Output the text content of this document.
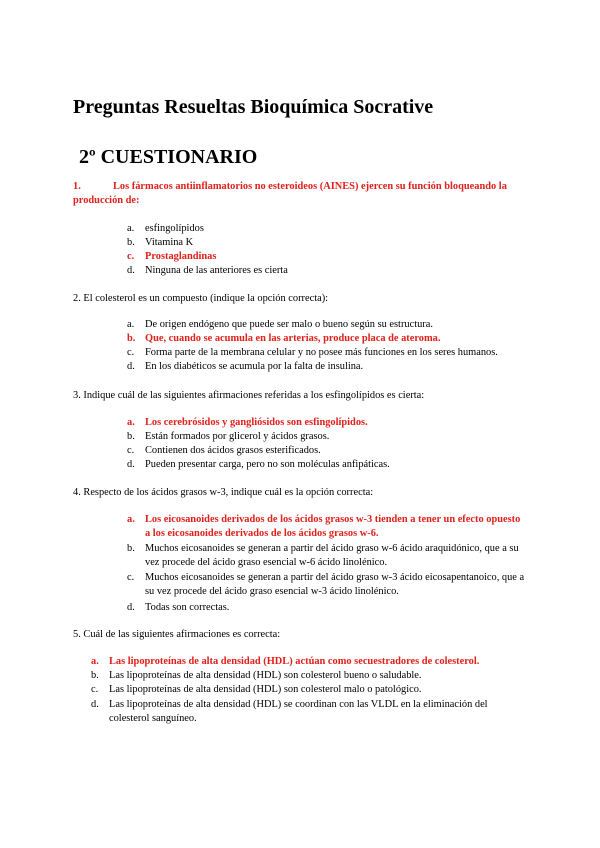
Preguntas Resueltas Bioquímica Socrative
2º CUESTIONARIO
1.	Los fármacos antiinflamatorios no esteroideos (AINES) ejercen su función bloqueando la producción de:
a. esfingolípidos
b. Vitamina K
c. Prostaglandinas
d. Ninguna de las anteriores es cierta
2. El colesterol es un compuesto (indique la opción correcta):
a. De origen endógeno que puede ser malo o bueno según su estructura.
b. Que, cuando se acumula en las arterias, produce placa de ateroma.
c. Forma parte de la membrana celular y no posee más funciones en los seres humanos.
d. En los diabéticos se acumula por la falta de insulina.
3. Indique cuál de las siguientes afirmaciones referidas a los esfingolípidos es cierta:
a. Los cerebrósidos y gangliósidos son esfingolípidos.
b. Están formados por glicerol y ácidos grasos.
c. Contienen dos ácidos grasos esterificados.
d. Pueden presentar carga, pero no son moléculas anfipáticas.
4. Respecto de los ácidos grasos w-3, indique cuál es la opción correcta:
a. Los eicosanoides derivados de los ácidos grasos w-3 tienden a tener un efecto opuesto a los eicosanoides derivados de los ácidos grasos w-6.
b. Muchos eicosanoides se generan a partir del ácido graso w-6 ácido araquidónico, que a su vez procede del ácido graso esencial w-6 ácido linolénico.
c. Muchos eicosanoides se generan a partir del ácido graso w-3 ácido eicosapentanoico, que a su vez procede del ácido graso esencial w-3 ácido linolénico.
d. Todas son correctas.
5. Cuál de las siguientes afirmaciones es correcta:
a. Las lipoproteínas de alta densidad (HDL) actúan como secuestradores de colesterol.
b. Las lipoproteínas de alta densidad (HDL) son colesterol bueno o saludable.
c. Las lipoproteínas de alta densidad (HDL) son colesterol malo o patológico.
d. Las lipoproteínas de alta densidad (HDL) se coordinan con las VLDL en la eliminación del colesterol sanguíneo.
